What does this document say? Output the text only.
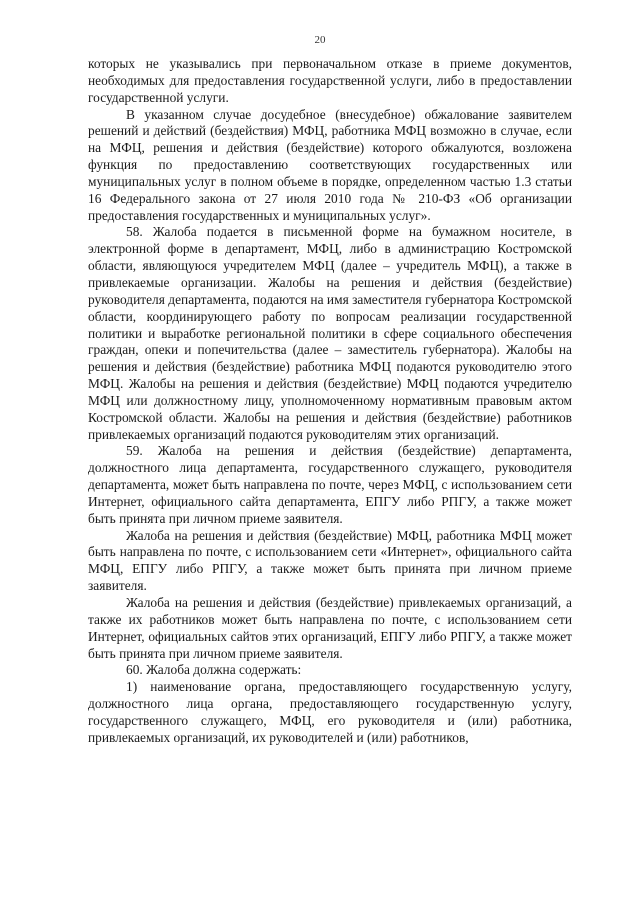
20

которых не указывались при первоначальном отказе в приеме документов, необходимых для предоставления государственной услуги, либо в предоставлении государственной услуги.

В указанном случае досудебное (внесудебное) обжалование заявителем решений и действий (бездействия) МФЦ, работника МФЦ возможно в случае, если на МФЦ, решения и действия (бездействие) которого обжалуются, возложена функция по предоставлению соответствующих государственных или муниципальных услуг в полном объеме в порядке, определенном частью 1.3 статьи 16 Федерального закона от 27 июля 2010 года № 210-ФЗ «Об организации предоставления государственных и муниципальных услуг».

58. Жалоба подается в письменной форме на бумажном носителе, в электронной форме в департамент, МФЦ, либо в администрацию Костромской области, являющуюся учредителем МФЦ (далее – учредитель МФЦ), а также в привлекаемые организации. Жалобы на решения и действия (бездействие) руководителя департамента, подаются на имя заместителя губернатора Костромской области, координирующего работу по вопросам реализации государственной политики и выработке региональной политики в сфере социального обеспечения граждан, опеки и попечительства (далее – заместитель губернатора). Жалобы на решения и действия (бездействие) работника МФЦ подаются руководителю этого МФЦ. Жалобы на решения и действия (бездействие) МФЦ подаются учредителю МФЦ или должностному лицу, уполномоченному нормативным правовым актом Костромской области. Жалобы на решения и действия (бездействие) работников привлекаемых организаций подаются руководителям этих организаций.

59. Жалоба на решения и действия (бездействие) департамента, должностного лица департамента, государственного служащего, руководителя департамента, может быть направлена по почте, через МФЦ, с использованием сети Интернет, официального сайта департамента, ЕПГУ либо РПГУ, а также может быть принята при личном приеме заявителя.

Жалоба на решения и действия (бездействие) МФЦ, работника МФЦ может быть направлена по почте, с использованием сети «Интернет», официального сайта МФЦ, ЕПГУ либо РПГУ, а также может быть принята при личном приеме заявителя.

Жалоба на решения и действия (бездействие) привлекаемых организаций, а также их работников может быть направлена по почте, с использованием сети Интернет, официальных сайтов этих организаций, ЕПГУ либо РПГУ, а также может быть принята при личном приеме заявителя.

60. Жалоба должна содержать:

1) наименование органа, предоставляющего государственную услугу, должностного лица органа, предоставляющего государственную услугу, государственного служащего, МФЦ, его руководителя и (или) работника, привлекаемых организаций, их руководителей и (или) работников,
